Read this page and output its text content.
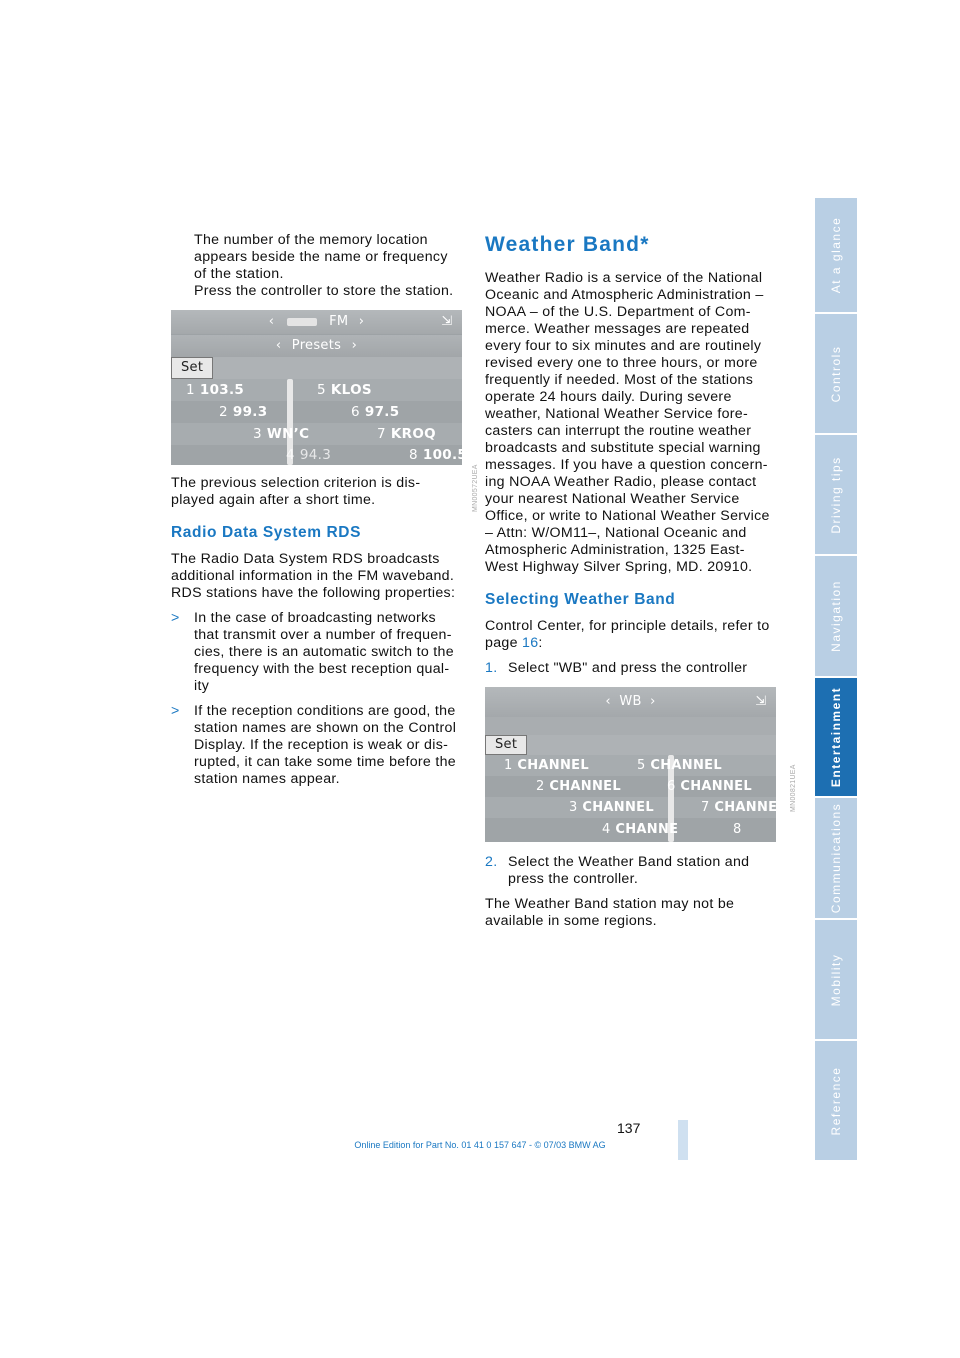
The number of the memory location

appears beside the name or frequency

of the station.

Press the controller to store the station.

‹	FM ›	⇲
‹ Presets ›
Set
1 103.5	5 KLOS
2 99.3	6 97.5
3 WN’C	7 KROQ
4 94.3	8 100.5
MN00572UEA

The previous selection criterion is dis-

played again after a short time.

Radio Data System RDS

The Radio Data System RDS broadcasts

additional information in the FM waveband.

RDS stations have the following properties:

> In the case of broadcasting networks

that transmit over a number of frequen-

cies, there is an automatic switch to the

frequency with the best reception qual-

ity

> If the reception conditions are good, the

station names are shown on the Control

Display. If the reception is weak or dis-

rupted, it can take some time before the

station names appear.

Weather Band*

Weather Radio is a service of the National

Oceanic and Atmospheric Administration –

NOAA – of the U.S. Department of Com-

merce. Weather messages are repeated

every four to six minutes and are routinely

revised every one to three hours, or more

frequently if needed. Most of the stations

operate 24 hours daily. During severe

weather, National Weather Service fore-

casters can interrupt the routine weather

broadcasts and substitute special warning

messages. If you have a question concern-

ing NOAA Weather Radio, please contact

your nearest National Weather Service

Office, or write to National Weather Service

– Attn: W/OM11–, National Oceanic and

Atmospheric Administration, 1325 East-

West Highway Silver Spring, MD. 20910.

Selecting Weather Band

Control Center, for principle details, refer to

page 16:

1. Select "WB" and press the controller

‹ WB ›	⇲
Set
1 CHANNEL	5 CHANNEL
2 CHANNEL	6 CHANNEL
3 CHANNEL	7 CHANNE
4 CHANNE	8
MN00821UEA
2. Select the Weather Band station and

press the controller.

The Weather Band station may not be

available in some regions.

At a glance
Controls
Driving tips
Navigation
Entertainment
Communications
Mobility
Reference
137
Online Edition for Part No. 01 41 0 157 647 - © 07/03 BMW AG
